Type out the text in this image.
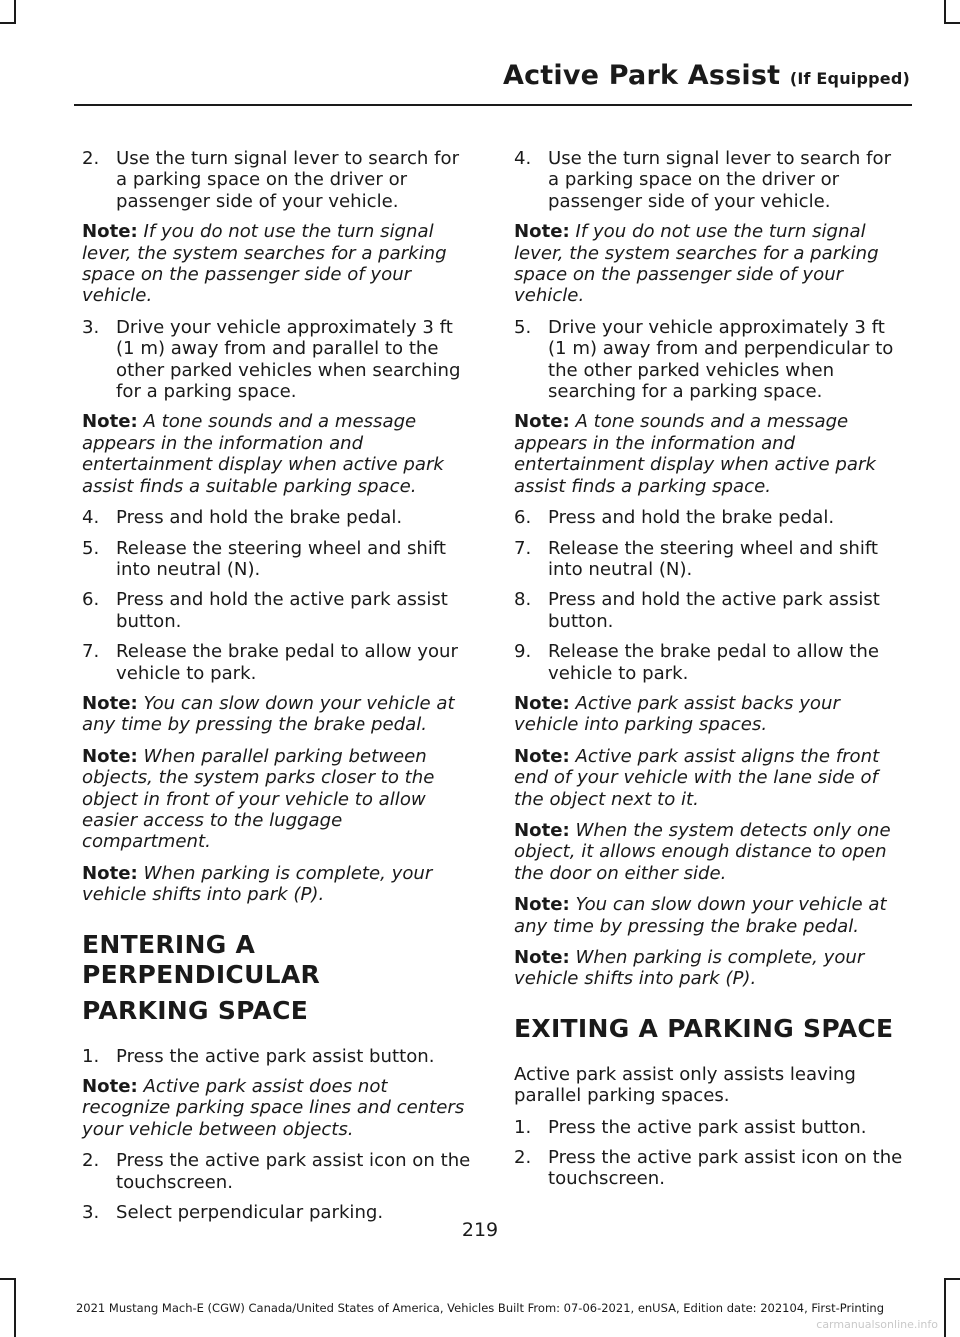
Active Park Assist (If Equipped)
2. Use the turn signal lever to search for a parking space on the driver or passenger side of your vehicle.

Note: If you do not use the turn signal lever, the system searches for a parking space on the passenger side of your vehicle.

3. Drive your vehicle approximately 3 ft (1 m) away from and parallel to the other parked vehicles when searching for a parking space.

Note: A tone sounds and a message appears in the information and entertainment display when active park assist finds a suitable parking space.

4. Press and hold the brake pedal.
5. Release the steering wheel and shift into neutral (N).
6. Press and hold the active park assist button.
7. Release the brake pedal to allow your vehicle to park.

Note: You can slow down your vehicle at any time by pressing the brake pedal.

Note: When parallel parking between objects, the system parks closer to the object in front of your vehicle to allow easier access to the luggage compartment.

Note: When parking is complete, your vehicle shifts into park (P).

ENTERING A PERPENDICULAR
PARKING SPACE
1. Press the active park assist button.

Note: Active park assist does not recognize parking space lines and centers your vehicle between objects.

2. Press the active park assist icon on the touchscreen.
3. Select perpendicular parking.
4. Use the turn signal lever to search for a parking space on the driver or passenger side of your vehicle.

Note: If you do not use the turn signal lever, the system searches for a parking space on the passenger side of your vehicle.

5. Drive your vehicle approximately 3 ft (1 m) away from and perpendicular to the other parked vehicles when searching for a parking space.

Note: A tone sounds and a message appears in the information and entertainment display when active park assist finds a parking space.

6. Press and hold the brake pedal.
7. Release the steering wheel and shift into neutral (N).
8. Press and hold the active park assist button.
9. Release the brake pedal to allow the vehicle to park.

Note: Active park assist backs your vehicle into parking spaces.

Note: Active park assist aligns the front end of your vehicle with the lane side of the object next to it.

Note: When the system detects only one object, it allows enough distance to open the door on either side.

Note: You can slow down your vehicle at any time by pressing the brake pedal.

Note: When parking is complete, your vehicle shifts into park (P).

EXITING A PARKING SPACE

Active park assist only assists leaving parallel parking spaces.

1. Press the active park assist button.
2. Press the active park assist icon on the touchscreen.
219
2021 Mustang Mach-E (CGW) Canada/United States of America, Vehicles Built From: 07-06-2021, enUSA, Edition date: 202104, First-Printing
carmanualsonline.info
